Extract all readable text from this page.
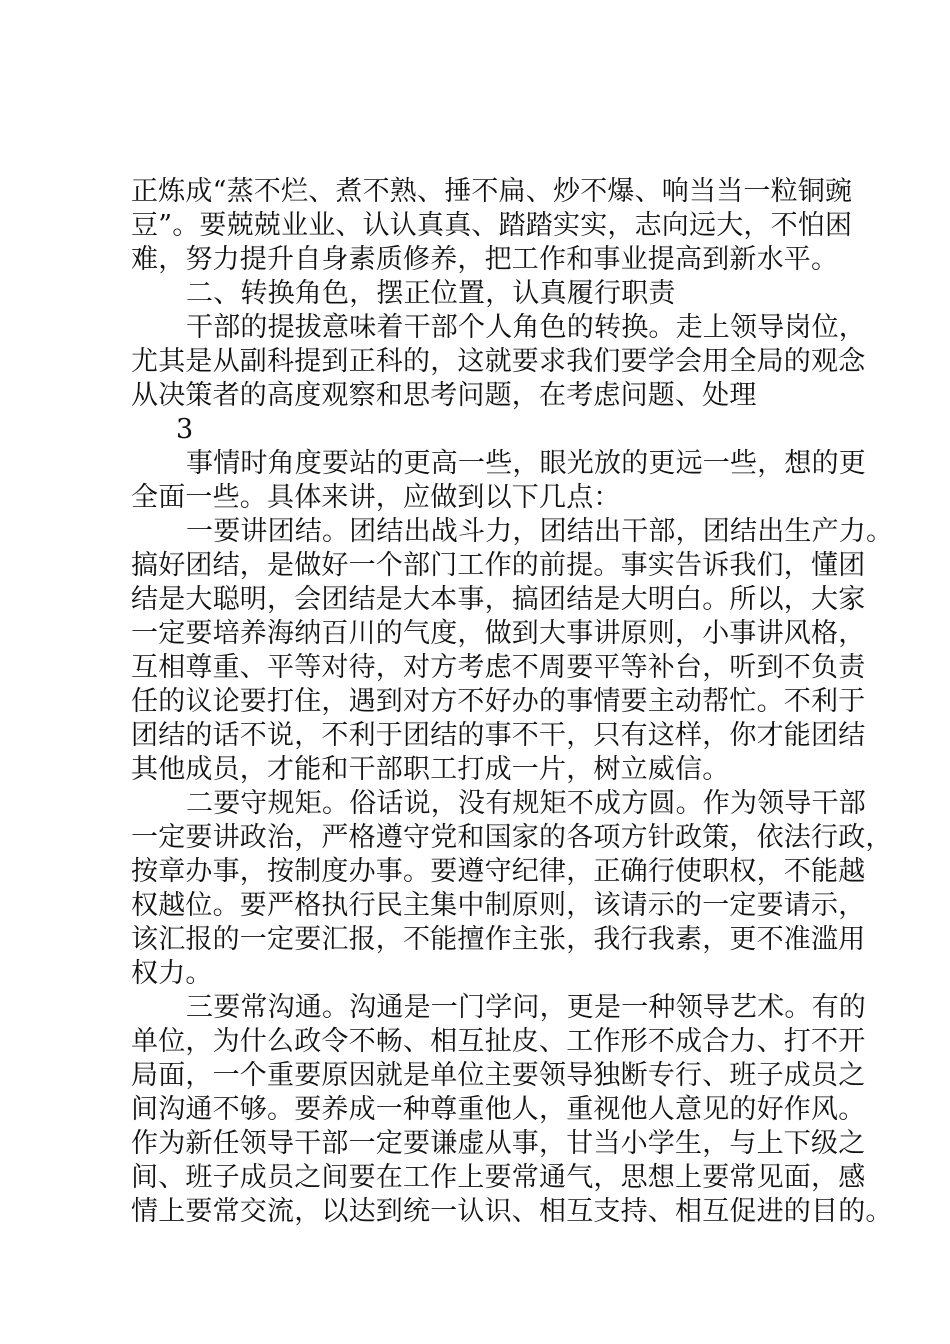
正炼成“蒸不烂、煮不熟、捶不扁、炒不爆、响当当一粒铜豌
豆”。要兢兢业业、认认真真、踏踏实实，志向远大，不怕困
难，努力提升自身素质修养，把工作和事业提高到新水平。
二、转换角色，摆正位置，认真履行职责
干部的提拔意味着干部个人角色的转换。走上领导岗位，
尤其是从副科提到正科的，这就要求我们要学会用全局的观念
从决策者的高度观察和思考问题，在考虑问题、处理
3
事情时角度要站的更高一些，眼光放的更远一些，想的更
全面一些。具体来讲，应做到以下几点：
一要讲团结。团结出战斗力，团结出干部，团结出生产力。
搞好团结，是做好一个部门工作的前提。事实告诉我们，懂团
结是大聪明，会团结是大本事，搞团结是大明白。所以，大家
一定要培养海纳百川的气度，做到大事讲原则，小事讲风格，
互相尊重、平等对待，对方考虑不周要平等补台，听到不负责
任的议论要打住，遇到对方不好办的事情要主动帮忙。不利于
团结的话不说，不利于团结的事不干，只有这样，你才能团结
其他成员，才能和干部职工打成一片，树立威信。
二要守规矩。俗话说，没有规矩不成方圆。作为领导干部
一定要讲政治，严格遵守党和国家的各项方针政策，依法行政，
按章办事，按制度办事。要遵守纪律，正确行使职权，不能越
权越位。要严格执行民主集中制原则，该请示的一定要请示，
该汇报的一定要汇报，不能擅作主张，我行我素，更不准滥用
权力。
三要常沟通。沟通是一门学问，更是一种领导艺术。有的
单位，为什么政令不畅、相互扯皮、工作形不成合力、打不开
局面，一个重要原因就是单位主要领导独断专行、班子成员之
间沟通不够。要养成一种尊重他人，重视他人意见的好作风。
作为新任领导干部一定要谦虚从事，甘当小学生，与上下级之
间、班子成员之间要在工作上要常通气，思想上要常见面，感
情上要常交流，以达到统一认识、相互支持、相互促进的目的。
